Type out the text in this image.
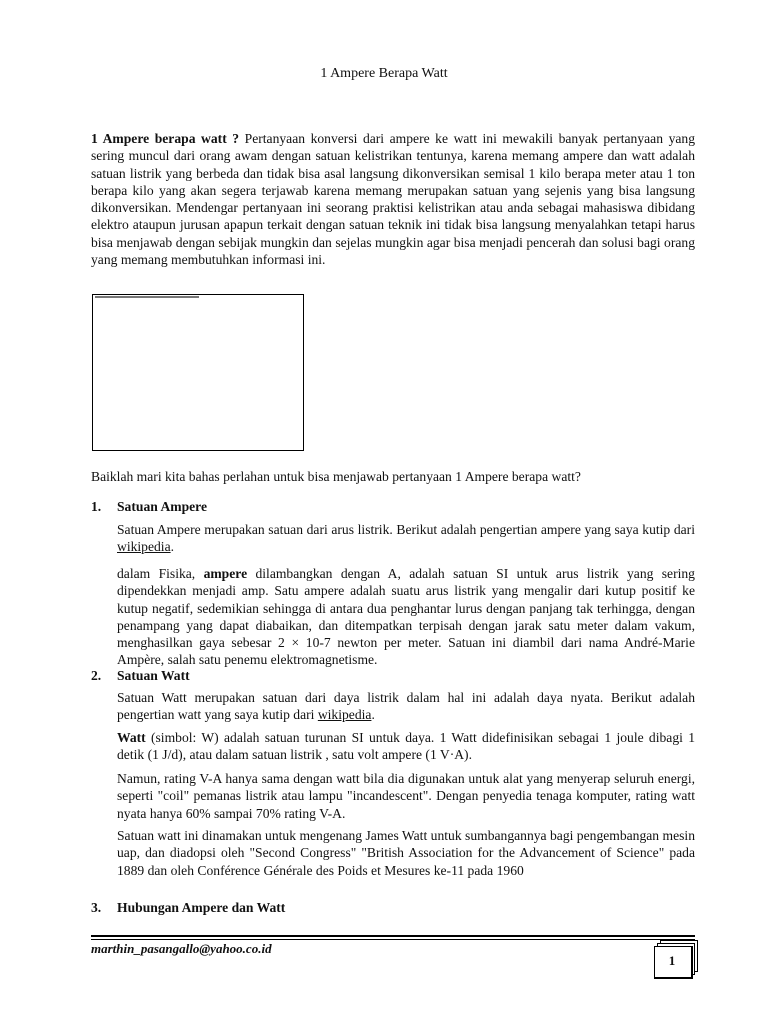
1 Ampere Berapa Watt

1 Ampere berapa watt ? Pertanyaan konversi dari ampere ke watt ini mewakili banyak pertanyaan yang sering muncul dari orang awam dengan satuan kelistrikan tentunya, karena memang ampere dan watt adalah satuan listrik yang berbeda dan tidak bisa asal langsung dikonversikan semisal 1 kilo berapa meter atau 1 ton berapa kilo yang akan segera terjawab karena memang merupakan satuan yang sejenis yang bisa langsung dikonversikan. Mendengar pertanyaan ini seorang praktisi kelistrikan atau anda sebagai mahasiswa dibidang elektro ataupun jurusan apapun terkait dengan satuan teknik ini tidak bisa langsung menyalahkan tetapi harus bisa menjawab dengan sebijak mungkin dan sejelas mungkin agar bisa menjadi pencerah dan solusi bagi orang yang memang membutuhkan informasi ini.

Baiklah mari kita bahas perlahan untuk bisa menjawab pertanyaan 1 Ampere berapa watt?

1. Satuan Ampere

Satuan Ampere merupakan satuan dari arus listrik. Berikut adalah pengertian ampere yang saya kutip dari wikipedia.

dalam Fisika, ampere dilambangkan dengan A, adalah satuan SI untuk arus listrik yang sering dipendekkan menjadi amp. Satu ampere adalah suatu arus listrik yang mengalir dari kutup positif ke kutup negatif, sedemikian sehingga di antara dua penghantar lurus dengan panjang tak terhingga, dengan penampang yang dapat diabaikan, dan ditempatkan terpisah dengan jarak satu meter dalam vakum, menghasilkan gaya sebesar 2 × 10-7 newton per meter. Satuan ini diambil dari nama André-Marie Ampère, salah satu penemu elektromagnetisme.

2. Satuan Watt

Satuan Watt merupakan satuan dari daya listrik dalam hal ini adalah daya nyata. Berikut adalah pengertian watt yang saya kutip dari wikipedia.

Watt (simbol: W) adalah satuan turunan SI untuk daya. 1 Watt didefinisikan sebagai 1 joule dibagi 1 detik (1 J/d), atau dalam satuan listrik , satu volt ampere (1 V·A).

Namun, rating V-A hanya sama dengan watt bila dia digunakan untuk alat yang menyerap seluruh energi, seperti "coil" pemanas listrik atau lampu "incandescent". Dengan penyedia tenaga komputer, rating watt nyata hanya 60% sampai 70% rating V-A.

Satuan watt ini dinamakan untuk mengenang James Watt untuk sumbangannya bagi pengembangan mesin uap, dan diadopsi oleh "Second Congress" "British Association for the Advancement of Science" pada 1889 dan oleh Conférence Générale des Poids et Mesures ke-11 pada 1960

3. Hubungan Ampere dan Watt
marthin_pasangallo@yahoo.co.id
1
